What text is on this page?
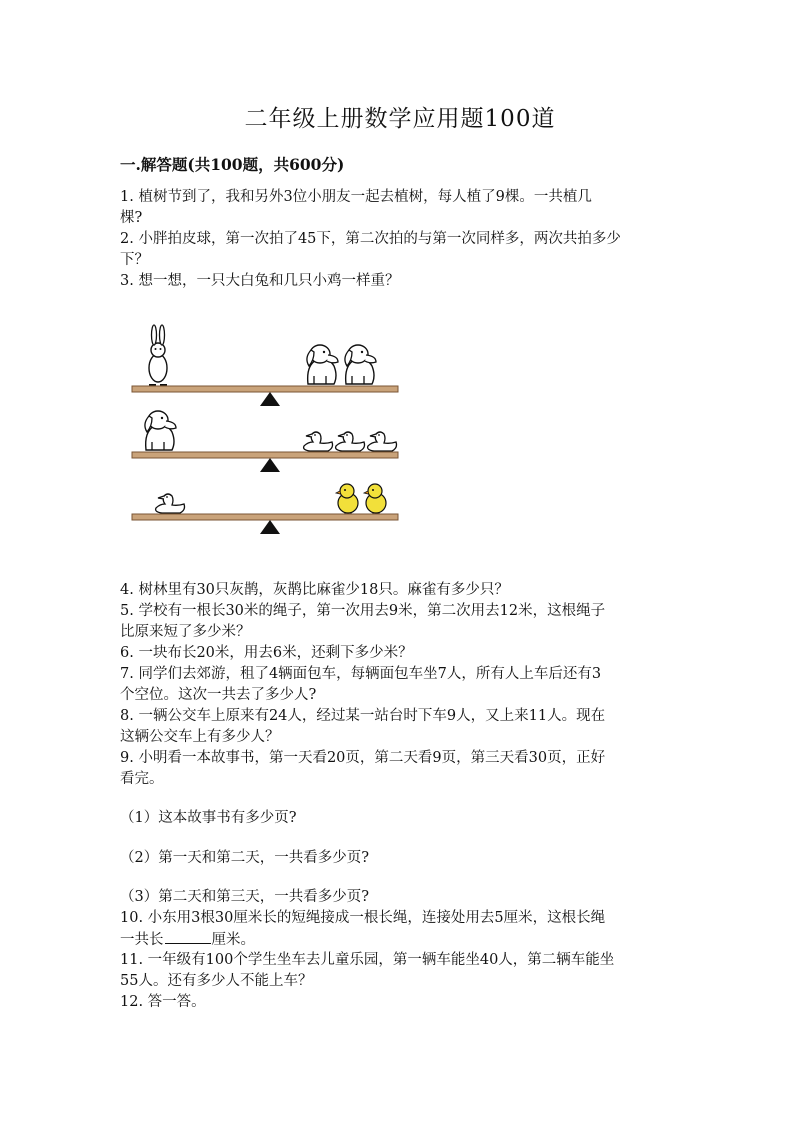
二年级上册数学应用题100道
一.解答题(共100题，共600分)
1. 植树节到了，我和另外3位小朋友一起去植树，每人植了9棵。一共植几
棵?
2. 小胖拍皮球，第一次拍了45下，第二次拍的与第一次同样多，两次共拍多少
下？
3. 想一想，一只大白兔和几只小鸡一样重？
4. 树林里有30只灰鹊，灰鹊比麻雀少18只。麻雀有多少只？
5. 学校有一根长30米的绳子，第一次用去9米，第二次用去12米，这根绳子
比原来短了多少米？
6. 一块布长20米，用去6米，还剩下多少米？
7. 同学们去郊游，租了4辆面包车，每辆面包车坐7人，所有人上车后还有3
个空位。这次一共去了多少人?
8. 一辆公交车上原来有24人，经过某一站台时下车9人，又上来11人。现在
这辆公交车上有多少人？
9. 小明看一本故事书，第一天看20页，第二天看9页，第三天看30页，正好
看完。
（1）这本故事书有多少页?
（2）第一天和第二天，一共看多少页?
（3）第二天和第三天，一共看多少页?
10. 小东用3根30厘米长的短绳接成一根长绳，连接处用去5厘米，这根长绳
一共长	厘米。
11. 一年级有100个学生坐车去儿童乐园，第一辆车能坐40人，第二辆车能坐
55人。还有多少人不能上车？
12. 答一答。
